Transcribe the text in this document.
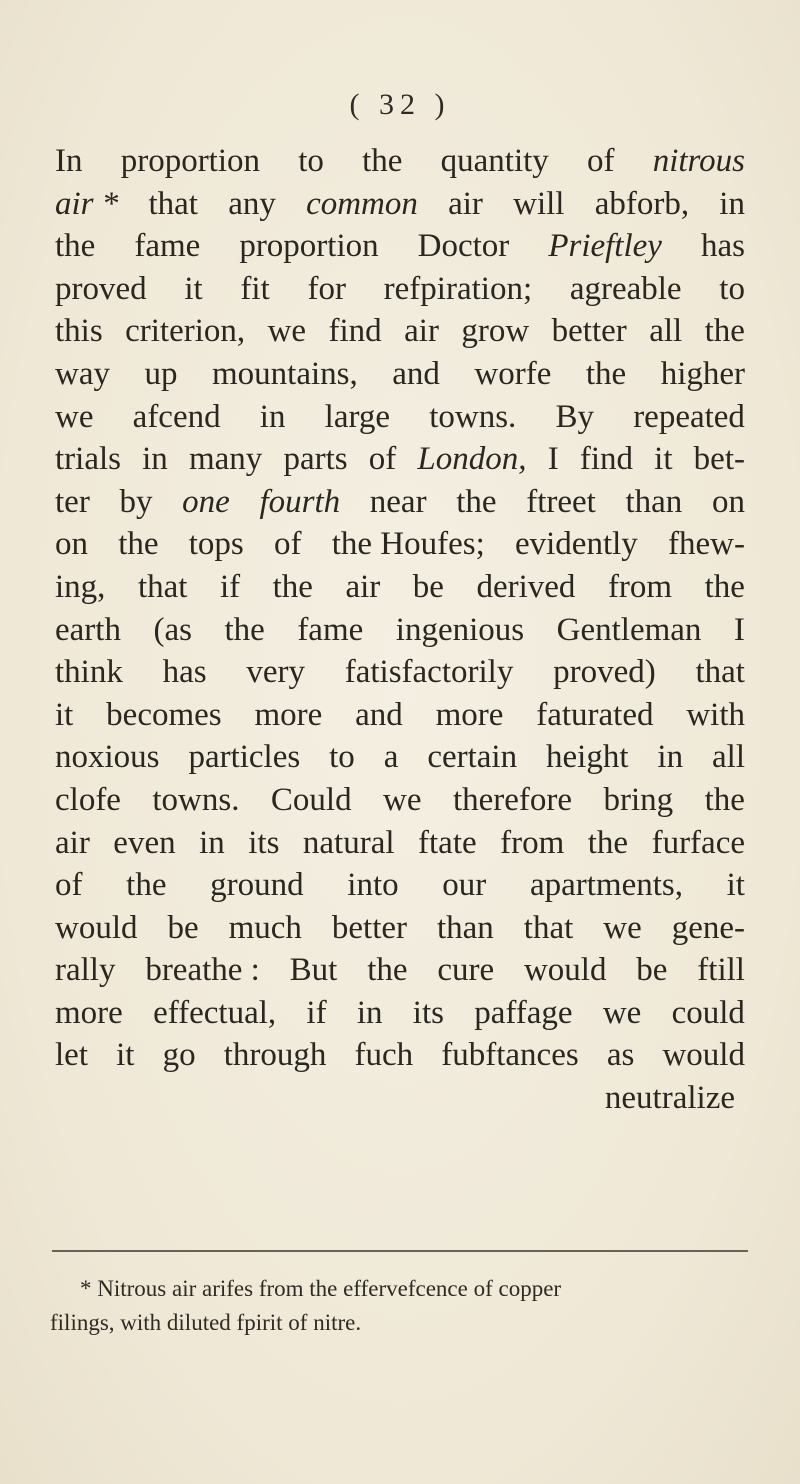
( 32 )
In proportion to the quantity of nitrous
air * that any common air will abforb, in
the fame proportion Doctor Prieftley has
proved it fit for refpiration; agreable to
this criterion, we find air grow better all the
way up mountains, and worfe the higher
we afcend in large towns. By repeated
trials in many parts of London, I find it bet-
ter by one fourth near the ftreet than on
on the tops of the Houfes; evidently fhew-
ing, that if the air be derived from the
earth (as the fame ingenious Gentleman I
think has very fatisfactorily proved) that
it becomes more and more faturated with
noxious particles to a certain height in all
clofe towns. Could we therefore bring the
air even in its natural ftate from the furface
of the ground into our apartments, it
would be much better than that we gene-
rally breathe : But the cure would be ftill
more effectual, if in its paffage we could
let it go through fuch fubftances as would
neutralize
* Nitrous air arifes from the effervefcence of copper
filings, with diluted fpirit of nitre.
